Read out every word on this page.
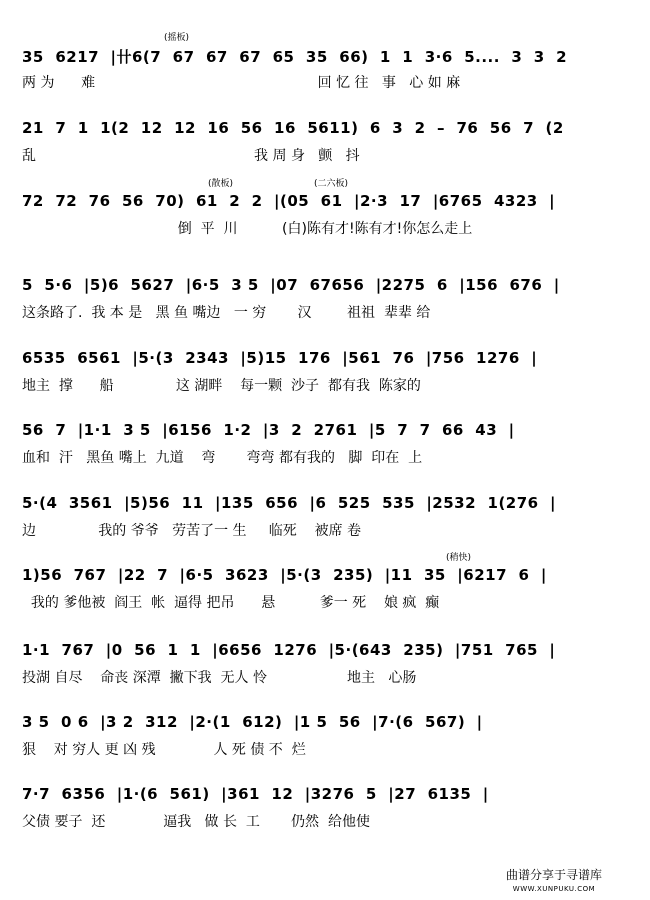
(摇板)
35  6217  |卄6(7  67  67  67  65  35  66)  1  1  3·6  5....  3  3  2
两 为      难                                                  回 忆 往   事   心 如 麻
21  7  1  1(2  12  12  16  56  16  5611)  6  3  2  –  76  56  7  (2
乱                                                 我 周 身   颤   抖
(散板)	(二六板)
72  72  76  56  70)  61  2  2  |(05  61  |2·3  17  |6765  4323  |
倒  平  川          (白)陈有才!陈有才!你怎么走上
5  5·6  |5)6  5627  |6·5  3 5  |07  67656  |2275  6  |156  676  |
这条路了.  我 本 是   黑 鱼 嘴边   一 穷       汉        祖祖  辈辈 给
6535  6561  |5·(3  2343  |5)15  176  |561  76  |756  1276  |
地主  撑      船              这 湖畔    每一颗  沙子  都有我  陈家的
56  7  |1·1  3 5  |6156  1·2  |3  2  2761  |5  7  7  66  43  |
血和  汗   黑鱼 嘴上  九道    弯       弯弯 都有我的   脚  印在  上
5·(4  3561  |5)56  11  |135  656  |6  525  535  |2532  1(276  |
边              我的 爷爷   劳苦了一 生     临死    被席 卷
(稍快)
1)56  767  |22  7  |6·5  3623  |5·(3  235)  |11  35  |6217  6  |
我的 爹他被  阎王  帐  逼得 把吊      悬          爹一 死    娘 疯  癫
1·1  767  |0  56  1  1  |6656  1276  |5·(643  235)  |751  765  |
投湖 自尽    命丧 深潭  撇下我  无人 怜                  地主   心肠
3 5  0 6  |3 2  312  |2·(1  612)  |1 5  56  |7·(6  567)  |
狠    对 穷人 更 凶 残             人 死 债 不  烂
7·7  6356  |1·(6  561)  |361  12  |3276  5  |27  6135  |
父债 要子  还             逼我   做 长  工       仍然  给他使
曲谱分享于寻谱库
WWW.XUNPUKU.COM
